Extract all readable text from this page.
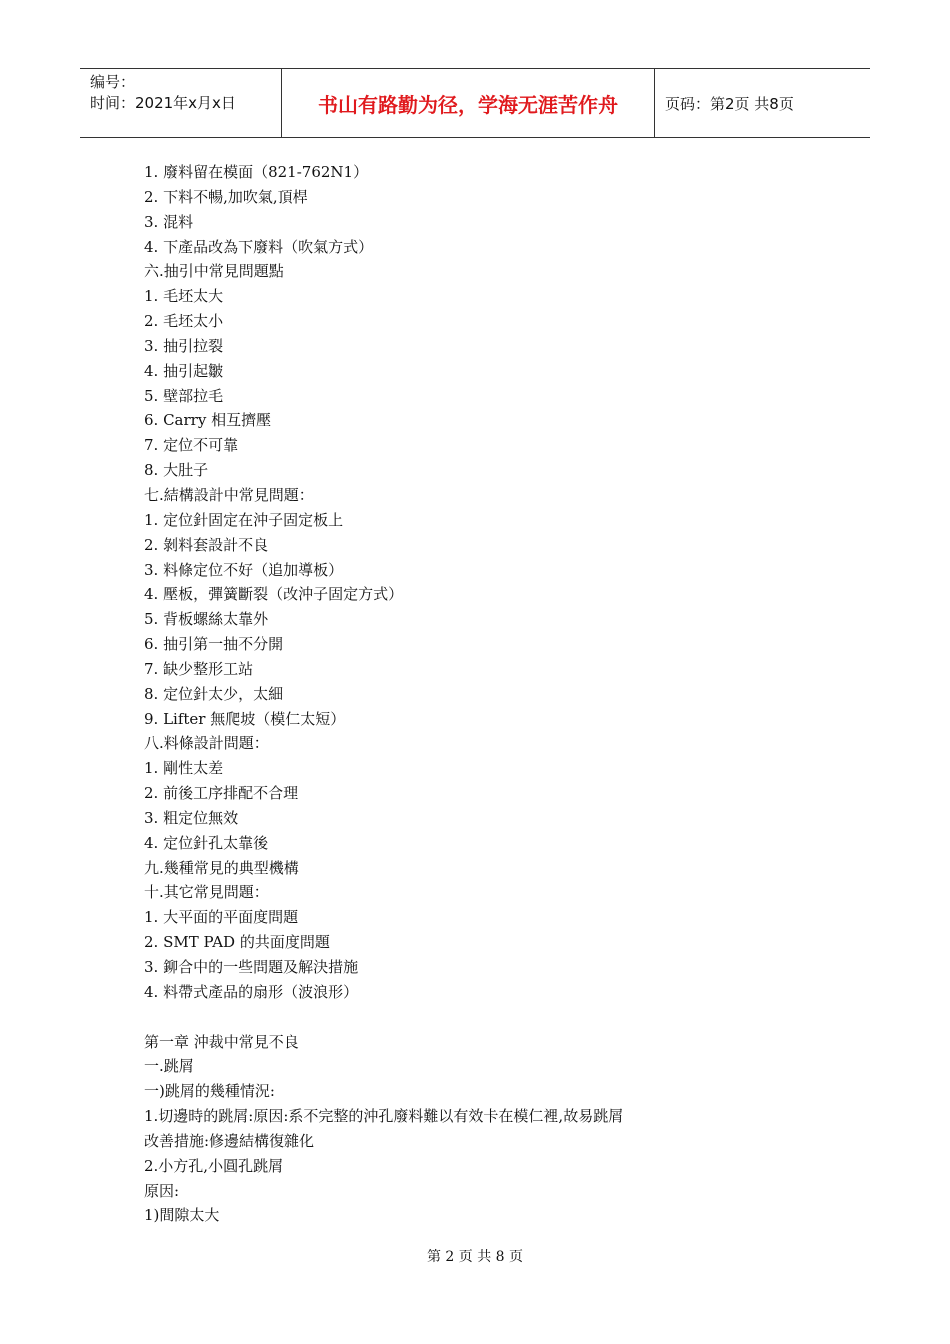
编号：
时间：2021年x月x日	书山有路勤为径，学海无涯苦作舟	页码：第2页 共8页
1. 廢料留在模面（821-762N1）
2. 下料不暢,加吹氣,頂桿
3. 混料
4. 下產品改為下廢料（吹氣方式）
六.抽引中常見問題點
1. 毛坯太大
2. 毛坯太小
3. 抽引拉裂
4. 抽引起皺
5. 壁部拉毛
6. Carry 相互擠壓
7. 定位不可靠
8. 大肚子
七.結構設計中常見問題：
1. 定位針固定在沖子固定板上
2. 剝料套設計不良
3. 料條定位不好（追加導板）
4. 壓板，彈簧斷裂（改沖子固定方式）
5. 背板螺絲太靠外
6. 抽引第一抽不分開
7. 缺少整形工站
8. 定位針太少，太細
9. Lifter 無爬坡（模仁太短）
八.料條設計問題：
1. 剛性太差
2. 前後工序排配不合理
3. 粗定位無效
4. 定位針孔太靠後
九.幾種常見的典型機構
十.其它常見問題：
1. 大平面的平面度問題
2. SMT PAD 的共面度問題
3. 鉚合中的一些問題及解決措施
4. 料帶式產品的扇形（波浪形）
第一章 沖裁中常見不良
一.跳屑
一)跳屑的幾種情況:
1.切邊時的跳屑:原因:系不完整的沖孔廢料難以有效卡在模仁裡,故易跳屑
改善措施:修邊結構復雜化
2.小方孔,小圓孔跳屑
原因:
1)間隙太大
第 2 页 共 8 页
